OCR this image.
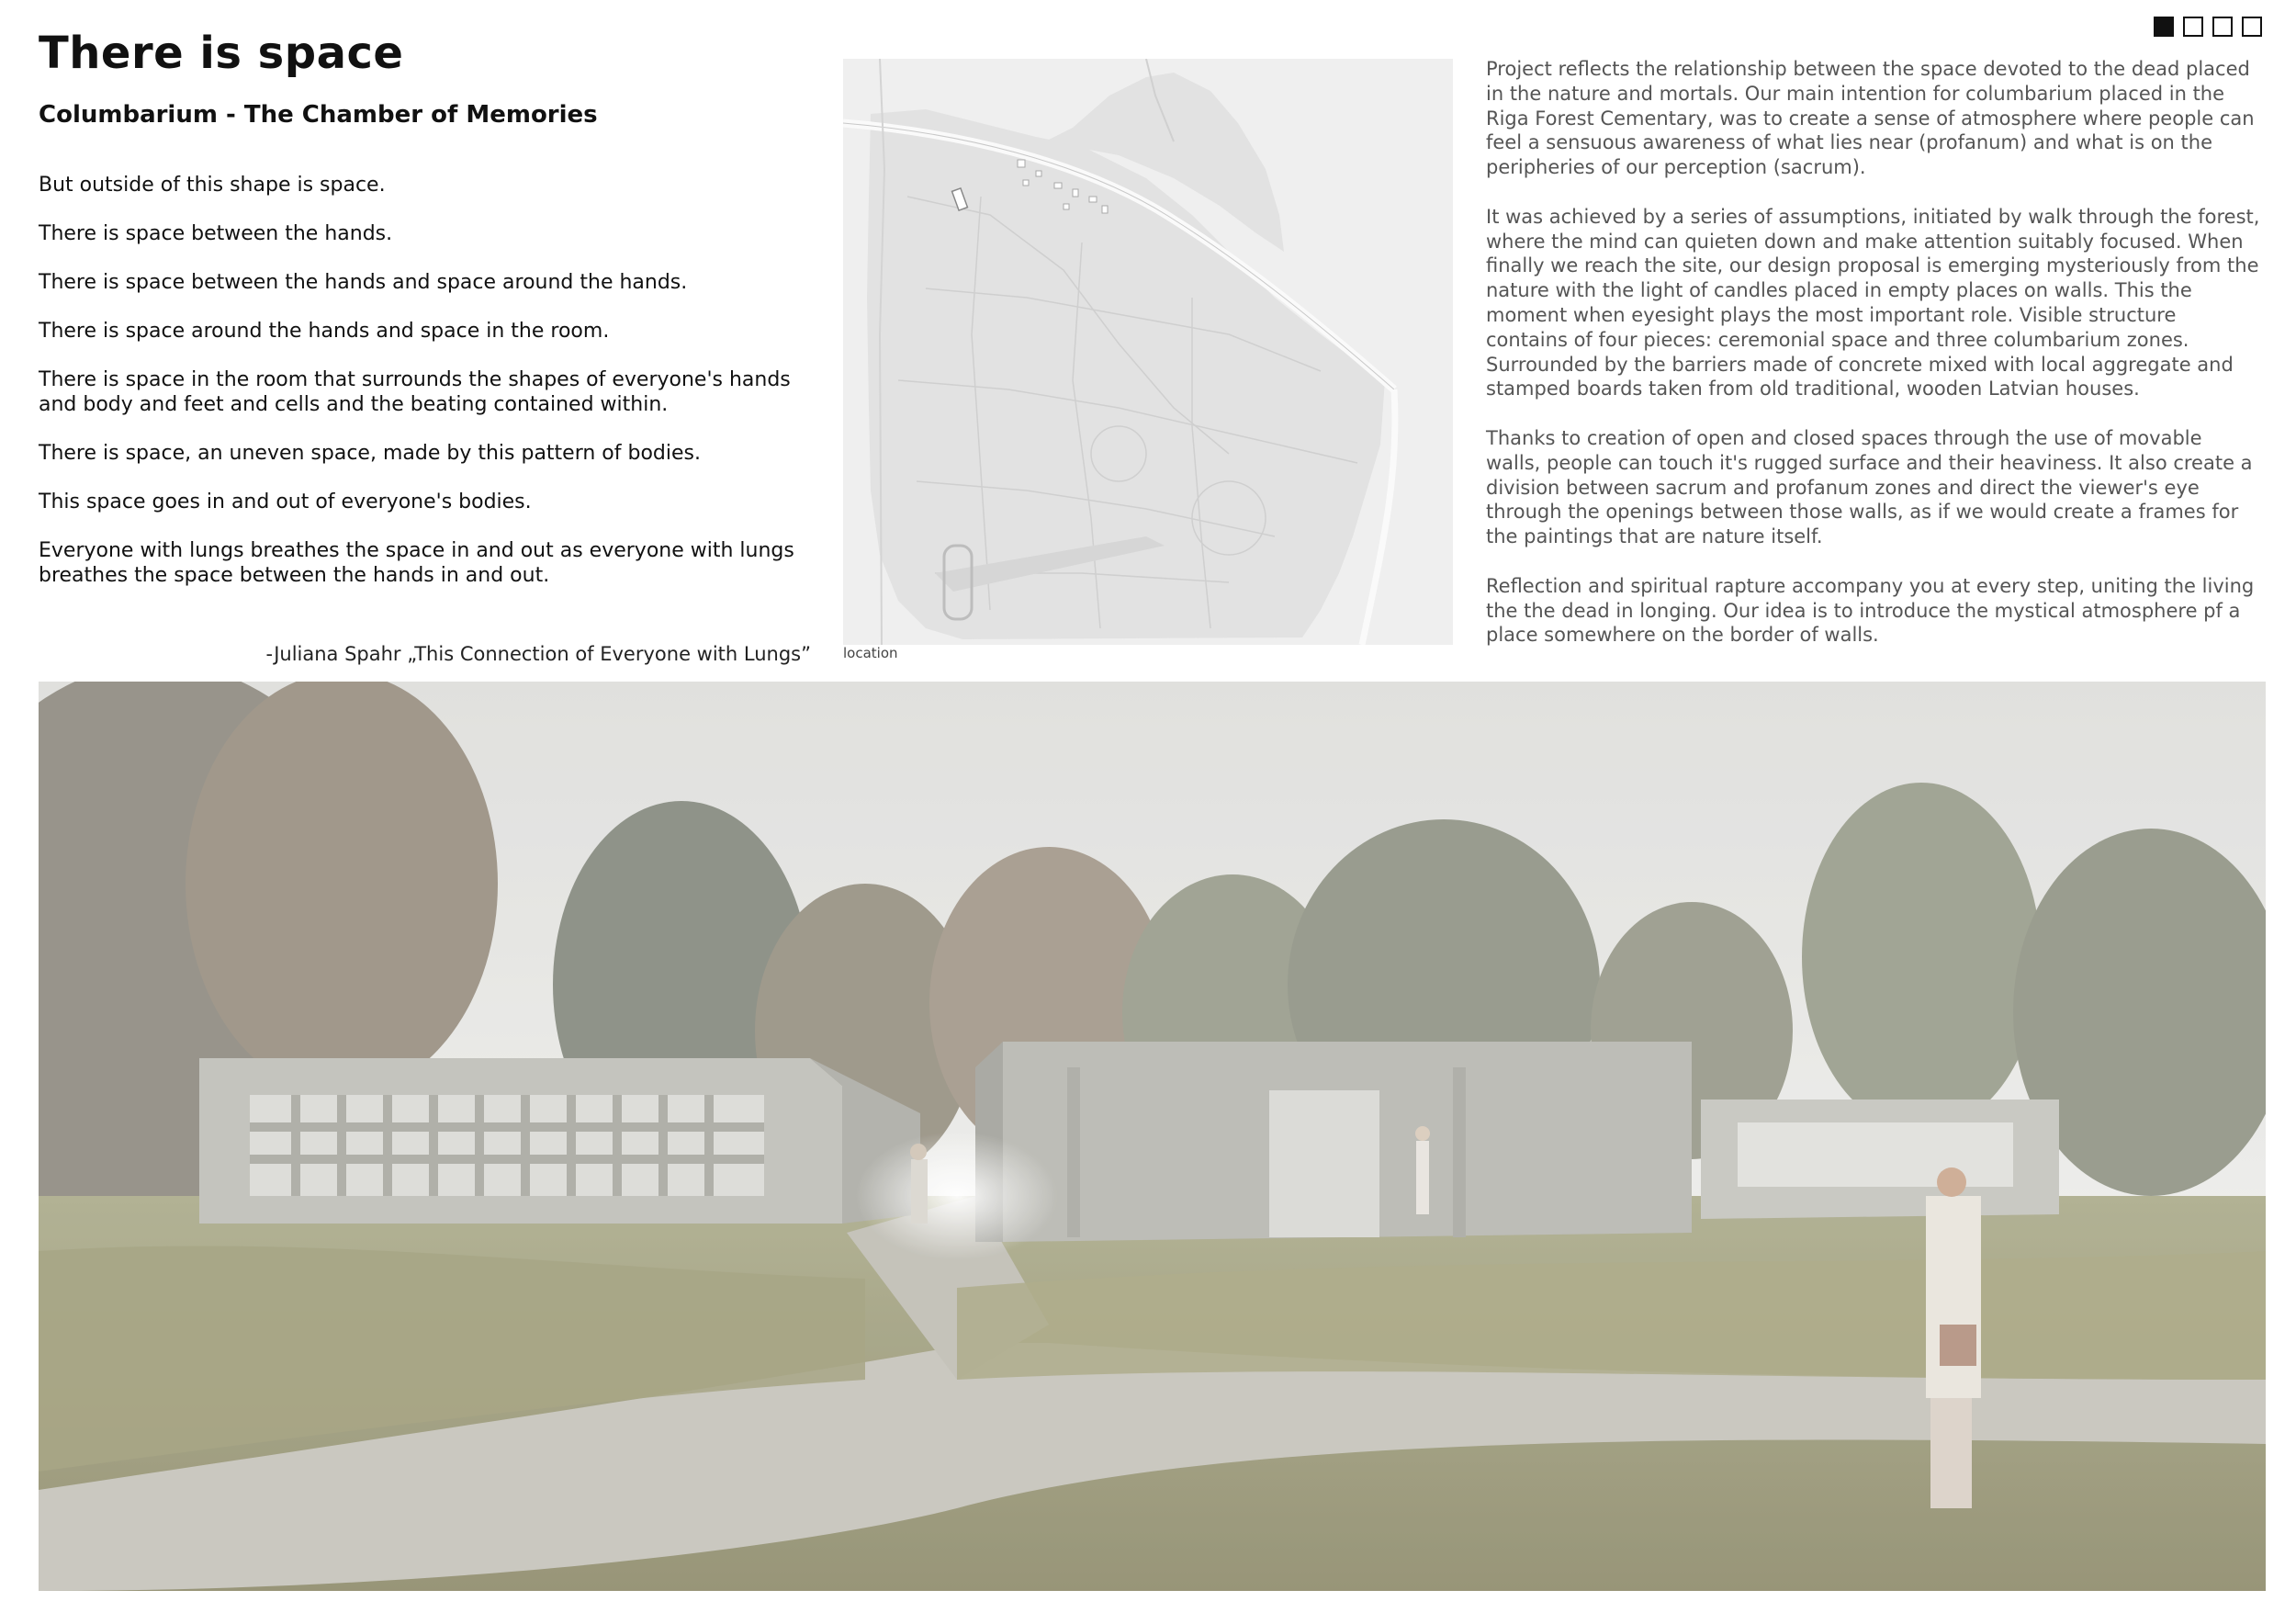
There is space
Columbarium - The Chamber of Memories

But outside of this shape is space.

There is space between the hands.

There is space between the hands and space around the hands.

There is space around the hands and space in the room.

There is space in the room that surrounds the shapes of everyone's hands and body and feet and cells and the beating contained within.

There is space, an uneven space, made by this pattern of bodies.

This space goes in and out of everyone's bodies.

Everyone with lungs breathes the space in and out as everyone with lungs breathes the space between the hands in and out.

-Juliana Spahr „This Connection of Everyone with Lungs” location

Project reflects the relationship between the space devoted to the dead placed in the nature and mortals. Our main intention for columbarium placed in the Riga Forest Cementary, was to create a sense of atmosphere where people can feel a sensuous awareness of what lies near (profanum) and what is on the peripheries of our perception (sacrum).

It was achieved by a series of assumptions, initiated by walk through the forest, where the mind can quieten down and make attention suitably focused. When finally we reach the site, our design proposal is emerging mysteriously from the nature with the light of candles placed in empty places on walls. This the moment when eyesight plays the most important role. Visible structure contains of four pieces: ceremonial space and three columbarium zones. Surrounded by the barriers made of concrete mixed with local aggregate and stamped boards taken from old traditional, wooden Latvian houses.

Thanks to creation of open and closed spaces through the use of movable walls, people can touch it's rugged surface and their heaviness. It also create a division between sacrum and profanum zones and direct the viewer's eye through the openings between those walls, as if we would create a frames for the paintings that are nature itself.

Reflection and spiritual rapture accompany you at every step, uniting the living the the dead in longing. Our idea is to introduce the mystical atmosphere pf a place somewhere on the border of walls.
